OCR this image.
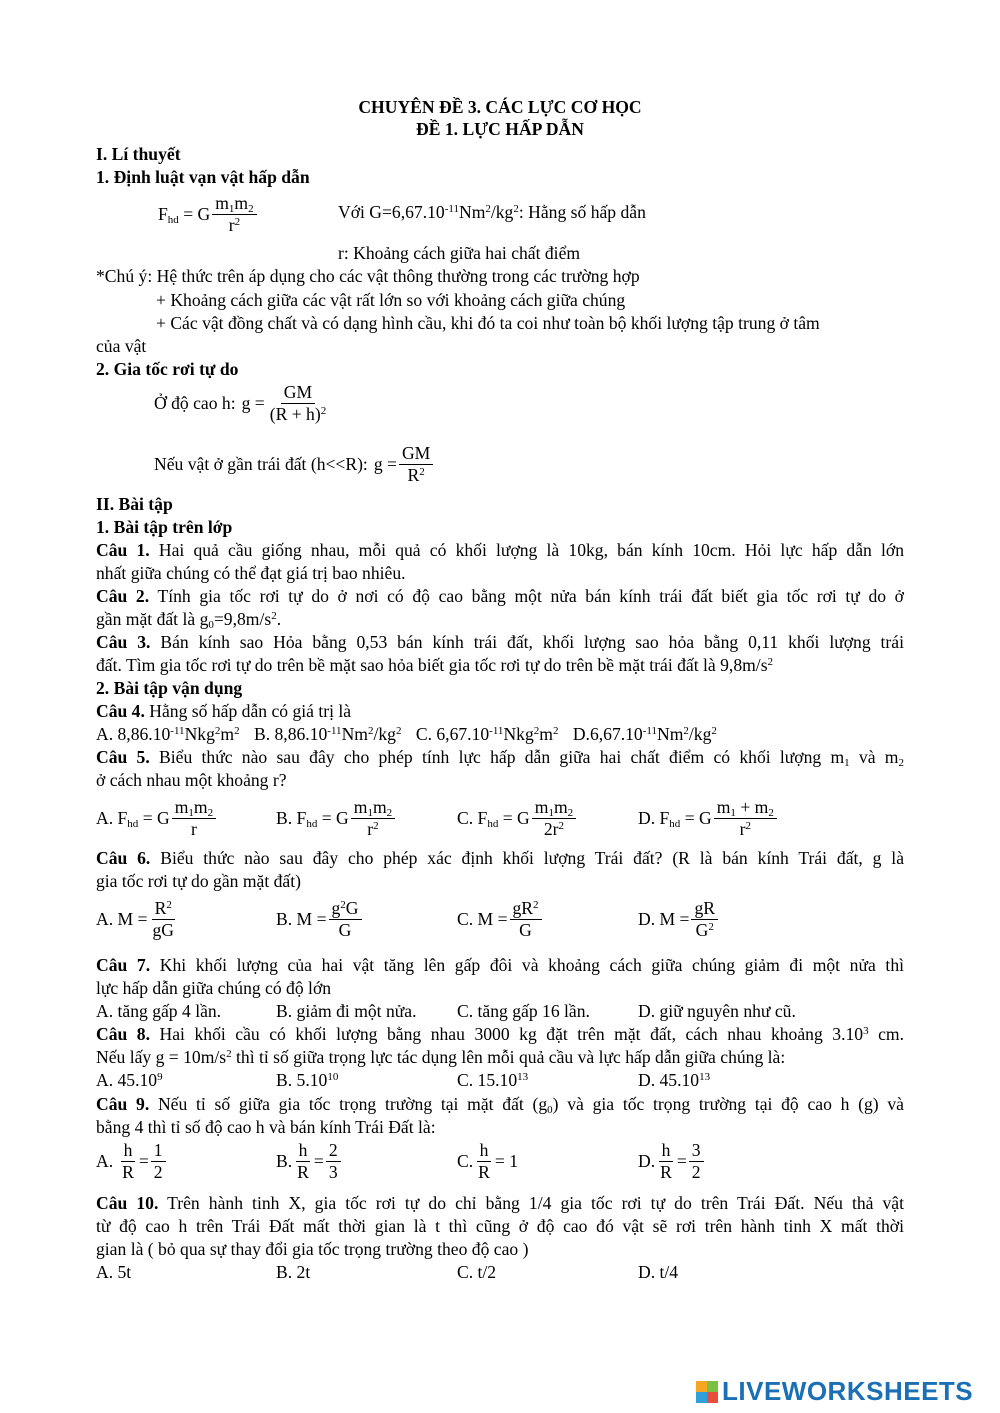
CHUYÊN ĐỀ 3. CÁC LỰC CƠ HỌC
ĐỀ 1. LỰC HẤP DẪN
I. Lí thuyết
1. Định luật vạn vật hấp dẫn
$F_{hd} = G \frac{m_1m_2}{r^2}$	Với $G=6,67.10^{-11}Nm^2/kg^2$: Hằng số hấp dẫn
r: Khoảng cách giữa hai chất điểm
*Chú ý: Hệ thức trên áp dụng cho các vật thông thường trong các trường hợp
+ Khoảng cách giữa các vật rất lớn so với khoảng cách giữa chúng
+ Các vật đồng chất và có dạng hình cầu, khi đó ta coi như toàn bộ khối lượng tập trung ở tâm
của vật
2. Gia tốc rơi tự do
Ở độ cao h: $g = \frac{GM}{(R + h)^2}$
Nếu vật ở gần trái đất (h<<R): $g = \frac{GM}{R^2}$
II. Bài tập
1. Bài tập trên lớp
Câu 1. Hai quả cầu giống nhau, mỗi quả có khối lượng là 10kg, bán kính 10cm. Hỏi lực hấp dẫn lớn
nhất giữa chúng có thể đạt giá trị bao nhiêu.
Câu 2. Tính gia tốc rơi tự do ở nơi có độ cao bằng một nửa bán kính trái đất biết gia tốc rơi tự do ở
gần mặt đất là $g_0=9,8m/s^2$.
Câu 3. Bán kính sao Hỏa bằng 0,53 bán kính trái đất, khối lượng sao hỏa bằng 0,11 khối lượng trái
đất. Tìm gia tốc rơi tự do trên bề mặt sao hỏa biết gia tốc rơi tự do trên bề mặt trái đất là $9,8m/s^2$
2. Bài tập vận dụng
Câu 4. Hằng số hấp dẫn có giá trị là
A. $8,86.10^{-11}Nkg^2m^2$ B. $8,86.10^{-11}Nm^2/kg^2$ C. $6,67.10^{-11}Nkg^2m^2$ $D.6,67.10^{-11}Nm^2/kg^2$
Câu 5. Biểu thức nào sau đây cho phép tính lực hấp dẫn giữa hai chất điểm có khối lượng $m_1$ và $m_2$
ở cách nhau một khoảng r?
A. $F_{hd} = G \frac{m_1m_2}{r}$	B. $F_{hd} = G \frac{m_1m_2}{r^2}$	C. $F_{hd} = G \frac{m_1m_2}{2r^2}$	D. $F_{hd} = G \frac{m_1 + m_2}{r^2}$
Câu 6. Biểu thức nào sau đây cho phép xác định khối lượng Trái đất? (R là bán kính Trái đất, g là
gia tốc rơi tự do gần mặt đất)
A. $M = \frac{R^2}{gG}$	B. $M = \frac{g^2G}{G}$	C. $M = \frac{gR^2}{G}$	D. $M = \frac{gR}{G^2}$
Câu 7. Khi khối lượng của hai vật tăng lên gấp đôi và khoảng cách giữa chúng giảm đi một nửa thì
lực hấp dẫn giữa chúng có độ lớn
A. tăng gấp 4 lần.	B. giảm đi một nửa. C. tăng gấp 16 lần.	D. giữ nguyên như cũ.
Câu 8. Hai khối cầu có khối lượng bằng nhau 3000 kg đặt trên mặt đất, cách nhau khoảng 3.10$^3$ cm.
Nếu lấy $g = 10m/s^2$ thì tỉ số giữa trọng lực tác dụng lên mỗi quả cầu và lực hấp dẫn giữa chúng là:
A. 45.10$^9$	B. 5.10$^{10}$	C. 15.10$^{13}$	D. 45.10$^{13}$
Câu 9. Nếu tỉ số giữa gia tốc trọng trường tại mặt đất $(g_0)$ và gia tốc trọng trường tại độ cao h (g) và
bằng 4 thì tỉ số độ cao h và bán kính Trái Đất là:
A. $\frac{h}{R} = \frac{1}{2}$	B. $\frac{h}{R} = \frac{2}{3}$	C. $\frac{h}{R} = 1$	D. $\frac{h}{R} = \frac{3}{2}$
Câu 10. Trên hành tinh X, gia tốc rơi tự do chỉ bằng 1/4 gia tốc rơi tự do trên Trái Đất. Nếu thả vật
từ độ cao h trên Trái Đất mất thời gian là t thì cũng ở độ cao đó vật sẽ rơi trên hành tinh X mất thời
gian là ( bỏ qua sự thay đổi gia tốc trọng trường theo độ cao )
A. 5t	B. 2t	C. t/2	D. t/4
LIVEWORKSHEETS
